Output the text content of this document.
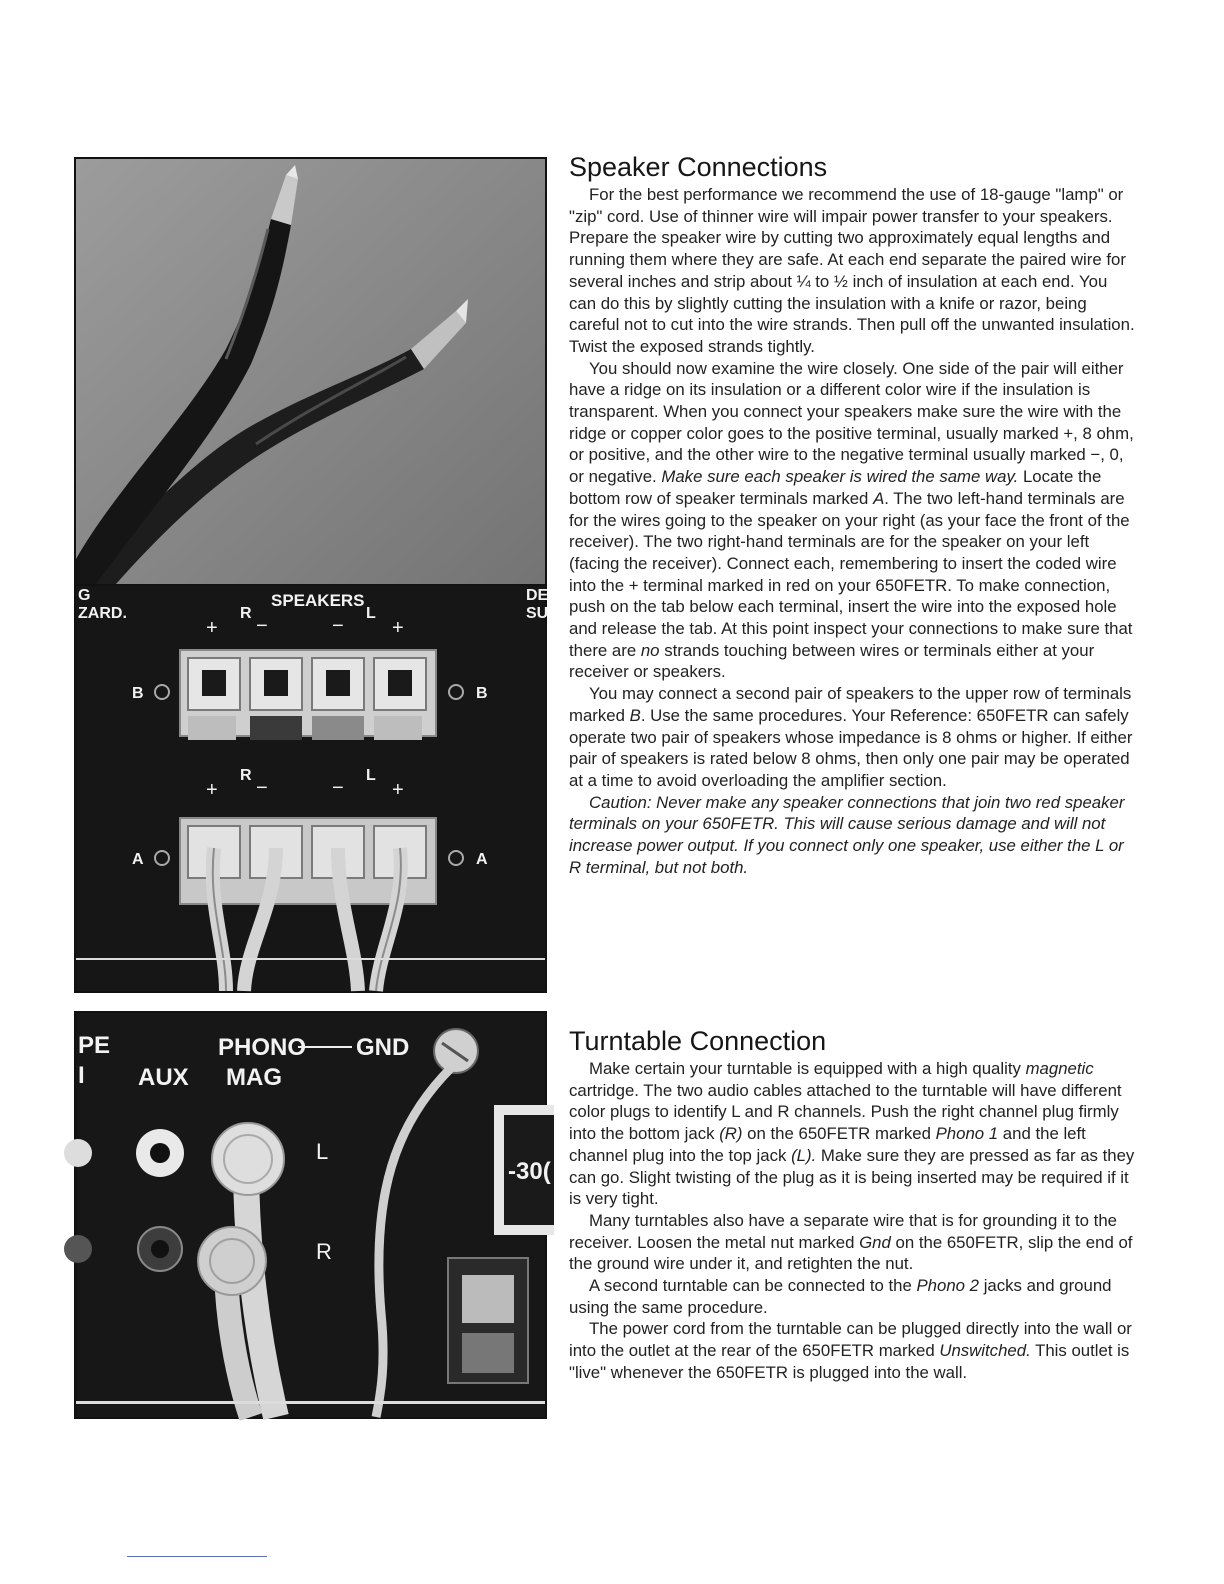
G
ZARD.
DE
SU
SPEAKERS
+
R
−	−
L
+
B	B
+
R
−	−
L
+
A	A
PE
I AUX
PHONO GND
MAG
L
R
-30(
Speaker Connections

For the best performance we recommend the use of 18-gauge "lamp" or "zip" cord. Use of thinner wire will impair power transfer to your speakers. Prepare the speaker wire by cutting two approximately equal lengths and running them where they are safe. At each end separate the paired wire for several inches and strip about ¼ to ½ inch of insulation at each end. You can do this by slightly cutting the insulation with a knife or razor, being careful not to cut into the wire strands. Then pull off the unwanted insulation. Twist the exposed strands tightly.

You should now examine the wire closely. One side of the pair will either have a ridge on its insulation or a different color wire if the insulation is transparent. When you connect your speakers make sure the wire with the ridge or copper color goes to the positive terminal, usually marked +, 8 ohm, or positive, and the other wire to the negative terminal usually marked −, 0, or negative. Make sure each speaker is wired the same way. Locate the bottom row of speaker terminals marked A. The two left-hand terminals are for the wires going to the speaker on your right (as your face the front of the receiver). The two right-hand terminals are for the speaker on your left (facing the receiver). Connect each, remembering to insert the coded wire into the + terminal marked in red on your 650FETR. To make connection, push on the tab below each terminal, insert the wire into the exposed hole and release the tab. At this point inspect your connections to make sure that there are no strands touching between wires or terminals either at your receiver or speakers.

You may connect a second pair of speakers to the upper row of terminals marked B. Use the same procedures. Your Reference: 650FETR can safely operate two pair of speakers whose impedance is 8 ohms or higher. If either pair of speakers is rated below 8 ohms, then only one pair may be operated at a time to avoid overloading the amplifier section.

Caution: Never make any speaker connections that join two red speaker terminals on your 650FETR. This will cause serious damage and will not increase power output. If you connect only one speaker, use either the L or R terminal, but not both.

Turntable Connection

Make certain your turntable is equipped with a high quality magnetic cartridge. The two audio cables attached to the turntable will have different color plugs to identify L and R channels. Push the right channel plug firmly into the bottom jack (R) on the 650FETR marked Phono 1 and the left channel plug into the top jack (L). Make sure they are pressed as far as they can go. Slight twisting of the plug as it is being inserted may be required if it is very tight.

Many turntables also have a separate wire that is for grounding it to the receiver. Loosen the metal nut marked Gnd on the 650FETR, slip the end of the ground wire under it, and retighten the nut.

A second turntable can be connected to the Phono 2 jacks and ground using the same procedure.

The power cord from the turntable can be plugged directly into the wall or into the outlet at the rear of the 650FETR marked Unswitched. This outlet is "live" whenever the 650FETR is plugged into the wall.
